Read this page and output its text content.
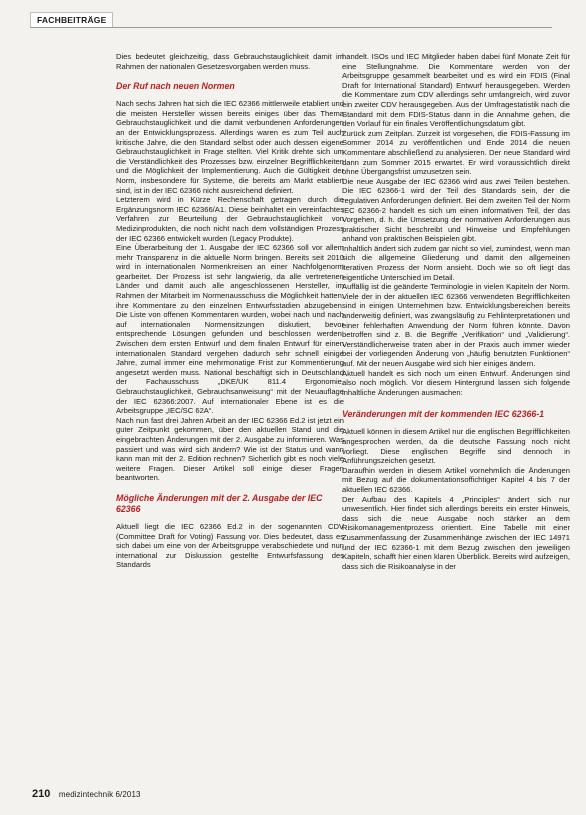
FACHBEITRÄGE

Dies bedeutet gleichzeitig, dass Gebrauchstauglichkeit damit im Rahmen der nationalen Gesetzesvorgaben werden muss.

Der Ruf nach neuen Normen

Nach sechs Jahren hat sich die IEC 62366 mittlerweile etabliert und die meisten Hersteller wissen bereits einiges über das Thema Gebrauchstauglichkeit und die damit verbundenen Anforderungen an der Entwicklungsprozess. Allerdings waren es zum Teil auch kritische Jahre, die den Standard selbst oder auch dessen eigene Gebrauchstauglichkeit in Frage stellten. Viel Kritik drehte sich um die Verständlichkeit des Prozesses bzw. einzelner Begrifflichkeiten und die Möglichkeit der Implementierung. Auch die Gültigkeit der Norm, insbesondere für Systeme, die bereits am Markt etabliert sind, ist in der IEC 62366 nicht ausreichend definiert.

Letzterem wird in Kürze Rechenschaft getragen durch die Ergänzungsnorm IEC 62366/A1. Diese beinhaltet ein vereinfachtes Verfahren zur Beurteilung der Gebrauchstauglichkeit von Medizinprodukten, die noch nicht nach dem vollständigen Prozess der IEC 62366 entwickelt wurden (Legacy Produkte).

Eine Überarbeitung der 1. Ausgabe der IEC 62366 soll vor allem mehr Transparenz in die aktuelle Norm bringen. Bereits seit 2010 wird in internationalen Normenkreisen an einer Nachfolgenorm gearbeitet. Der Prozess ist sehr langwierig, da alle vertretenen Länder und damit auch alle angeschlossenen Hersteller, im Rahmen der Mitarbeit im Normenausschuss die Möglichkeit hatten, ihre Kommentare zu den einzelnen Entwurfsstadien abzugeben. Die Liste von offenen Kommentaren wurden, wobei nach und nach auf internationalen Normensitzungen diskutiert, bevor entsprechende Lösungen gefunden und beschlossen werden. Zwischen dem ersten Entwurf und dem finalen Entwurf für einen internationalen Standard vergehen dadurch sehr schnell einige Jahre, zumal immer eine mehrmonatige Frist zur Kommentierung angesetzt werden muss. National beschäftigt sich in Deutschland der Fachausschuss „DKE/UK 811.4 Ergonomie, Gebrauchstauglichkeit, Gebrauchsanweisung“ mit der Neuauflage der IEC 62366:2007. Auf internationaler Ebene ist es die Arbeitsgruppe „IEC/SC 62A“.

Nach nun fast drei Jahren Arbeit an der IEC 62366 Ed.2 ist jetzt ein guter Zeitpunkt gekommen, über den aktuellen Stand und die eingebrachten Änderungen mit der 2. Ausgabe zu informieren. Was passiert und was wird sich ändern? Wie ist der Status und wann kann man mit der 2. Edition rechnen? Sicherlich gibt es noch viele weitere Fragen. Dieser Artikel soll einige dieser Fragen beantworten.

Mögliche Änderungen mit der 2. Ausgabe der IEC 62366

Aktuell liegt die IEC 62366 Ed.2 in der sogenannten CDV (Committee Draft for Voting) Fassung vor. Dies bedeutet, dass es sich dabei um eine von der Arbeitsgruppe verabschiedete und nun international zur Diskussion gestellte Entwurfsfassung des Standards

handelt. ISOs und IEC Mitglieder haben dabei fünf Monate Zeit für eine Stellungnahme. Die Kommentare werden von der Arbeitsgruppe gesammelt bearbeitet und es wird ein FDIS (Final Draft for International Standard) Entwurf herausgegeben. Werden die Kommentare zum CDV allerdings sehr umfangreich, wird zuvor ein zweiter CDV herausgegeben. Aus der Umfragestatistik nach die Standard mit dem FDIS-Status dann in die Annahme gehen, die den Vorlauf für ein finales Veröffentlichungsdatum gibt.

Zurück zum Zeitplan. Zurzeit ist vorgesehen, die FDIS-Fassung im Sommer 2014 zu veröffentlichen und Ende 2014 die neuen Kommentare abschließend zu analysieren. Der neue Standard wird dann zum Sommer 2015 erwartet. Er wird voraussichtlich direkt ohne Übergangsfrist umzusetzen sein.

Die neue Ausgabe der IEC 62366 wird aus zwei Teilen bestehen. Die IEC 62366-1 wird der Teil des Standards sein, der die regulativen Anforderungen definiert. Bei dem zweiten Teil der Norm IEC 62366-2 handelt es sich um einen informativen Teil, der das Vorgehen, d. h. die Umsetzung der normativen Anforderungen aus praktischer Sicht beschreibt und Hinweise und Empfehlungen anhand von praktischen Beispielen gibt.

Inhaltlich ändert sich zudem gar nicht so viel, zumindest, wenn man sich die allgemeine Gliederung und damit den allgemeinen iterativen Prozess der Norm ansieht. Doch wie so oft liegt das eigentliche Unterschied im Detail.

Auffällig ist die geänderte Terminologie in vielen Kapiteln der Norm. Viele der in der aktuellen IEC 62366 verwendeten Begrifflichkeiten sind in einigen Unternehmen bzw. Entwicklungsbereichen bereits anderweitig definiert, was zwangsläufig zu Fehlinterpretationen und einer fehlerhaften Anwendung der Norm führen könnte. Davon betroffen sind z. B. die Begriffe „Verifikation“ und „Validierung“. Verständlicherweise traten aber in der Praxis auch immer wieder bei der vorliegenden Änderung von „häufig benutzten Funktionen“ auf. Mit der neuen Ausgabe wird sich hier einiges ändern.

Aktuell handelt es sich noch um einen Entwurf. Änderungen sind also noch möglich. Vor diesem Hintergrund lassen sich folgende inhaltliche Änderungen ausmachen:

Veränderungen mit der kommenden IEC 62366-1

Aktuell können in diesem Artikel nur die englischen Begrifflichkeiten angesprochen werden, da die deutsche Fassung noch nicht vorliegt. Diese englischen Begriffe sind dennoch in Anführungszeichen gesetzt.

Daraufhin werden in diesem Artikel vornehmlich die Änderungen mit Bezug auf die dokumentationsoffichtiger Kapitel 4 bis 7 der aktuellen IEC 62366.

Der Aufbau des Kapitels 4 „Principles“ ändert sich nur unwesentlich. Hier findet sich allerdings bereits ein erster Hinweis, dass sich die neue Ausgabe noch stärker an dem Risikomanagementprozess orientiert. Eine Tabelle mit einer Zusammenfassung der Zusammenhänge zwischen der IEC 14971 und der IEC 62366-1 mit dem Bezug zwischen den jeweiligen Kapiteln, schafft hier einen klaren Überblick. Bereits wird aufzeigen, dass sich die Risikoanalyse in der

210 medizintechnik 6/2013
